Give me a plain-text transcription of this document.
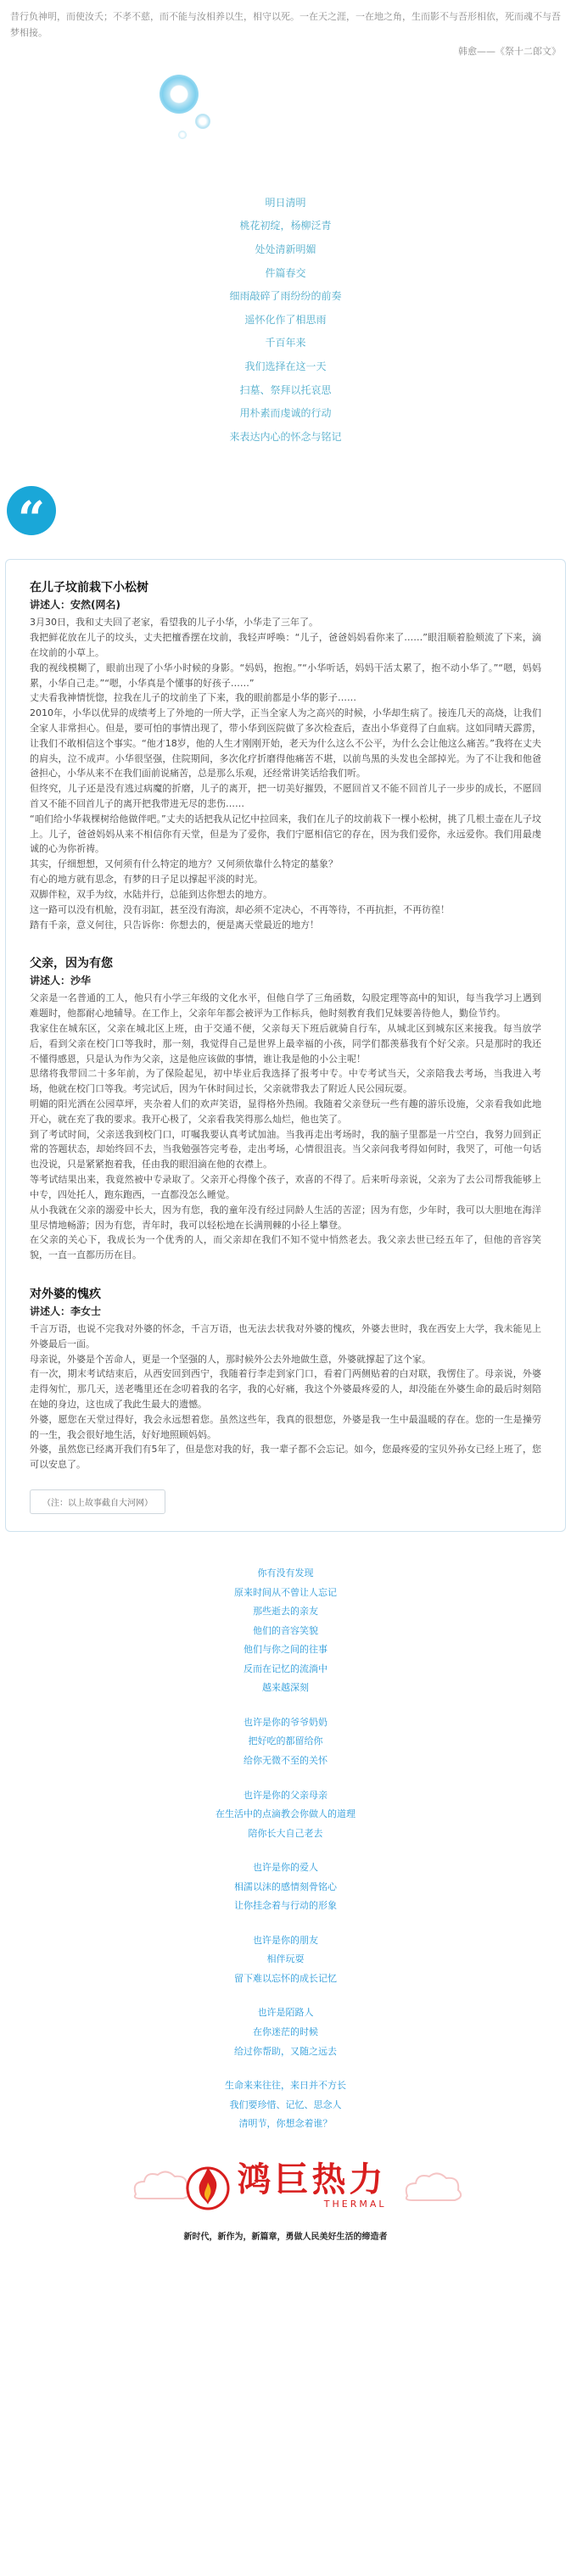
昔行负神明，而使汝夭；不孝不慈，而不能与汝相养以生，相守以死。一在天之涯，一在地之角，生而影不与吾形相依，死而魂不与吾梦相接。
韩愈——《祭十二郎文》
明日清明
桃花初绽，杨柳泛青
处处清新明媚
件篇春交
细雨敲碎了雨纷纷的前奏
遥怀化作了相思雨
千百年来
我们选择在这一天
扫墓、祭拜以托哀思
用朴素而虔诚的行动
来表达内心的怀念与铭记
“
在儿子坟前栽下小松树
讲述人：安然(网名)

3月30日，我和丈夫回了老家，看望我的儿子小华，小华走了三年了。

我把鲜花放在儿子的坟头，丈夫把檀香摆在坟前，我轻声呼唤：“儿子，爸爸妈妈看你来了……”眼泪顺着脸颊流了下来，滴在坟前的小草上。

我的视线模糊了，眼前出现了小华小时候的身影。“妈妈，抱抱。”“小华听话，妈妈干活太累了，抱不动小华了。”“嗯，妈妈累，小华自己走。”“嗯，小华真是个懂事的好孩子……”

丈夫看我神情恍惚，拉我在儿子的坟前坐了下来，我的眼前都是小华的影子……

2010年，小华以优异的成绩考上了外地的一所大学，正当全家人为之高兴的时候，小华却生病了。接连几天的高烧，让我们全家人非常担心。但是，要可怕的事情出现了，带小华到医院做了多次检查后，查出小华竟得了白血病。这如同晴天霹雳，让我们不敢相信这个事实。“他才18岁，他的人生才刚刚开始，老天为什么这么不公平，为什么会让他这么痛苦。”我将在丈夫的肩头，泣不成声。小华很坚强，住院期间，多次化疗折磨得他痛苦不堪，以前鸟黑的头发也全部掉光。为了不让我和他爸爸担心，小华从来不在我们面前说痛苦，总是那么乐观，还经常讲笑话给我们听。

但终究，儿子还是没有逃过病魔的折磨，儿子的离开，把一切美好摧毁，不愿回首又不能不回首儿子一步步的成长，不愿回首又不能不回首儿子的离开把我带进无尽的悲伤……

“咱们给小华栽棵树给他做伴吧。”丈夫的话把我从记忆中拉回来，我们在儿子的坟前栽下一棵小松树，挑了几根土壶在儿子坟上。儿子，爸爸妈妈从来不相信你有天堂，但是为了爱你，我们宁愿相信它的存在，因为我们爱你，永远爱你。我们用最虔诚的心为你祈祷。

其实，仔细想想，又何须有什么特定的地方？又何须依靠什么特定的墓象？

有心的地方就有思念，有梦的日子足以撑起平淡的时光。

双脚伴粒，双手为纹，水陆并行，总能到达你想去的地方。

这一路可以没有机舱，没有羽缸，甚至没有海滨，却必须不定决心，不再等待，不再抗拒，不再彷徨！

踏有千亲，意义何往，只告诉你：你想去的，便是离天堂最近的地方！

父亲，因为有您
讲述人：沙华

父亲是一名普通的工人，他只有小学三年级的文化水平，但他自学了三角函数，勾股定理等高中的知识，每当我学习上遇到难题时，他都耐心地辅导。在工作上，父亲年年都会被评为工作标兵，他时刻教育我们兄妹要善待他人，勤俭节约。

我家住在城东区，父亲在城北区上班，由于交通不便，父亲每天下班后就骑自行车，从城北区到城东区来接我。每当放学后，看到父亲在校门口等我时，那一刻，我觉得自己是世界上最幸福的小孩，同学们都羡慕我有个好父亲。只是那时的我还不懂得感恩，只是认为作为父亲，这是他应该做的事情，谁让我是他的小公主呢！

思绪将我带回二十多年前，为了保险起见，初中毕业后我选择了报考中专。中专考试当天，父亲陪我去考场，当我进入考场，他就在校门口等我。考完试后，因为午休时间过长，父亲就带我去了附近人民公园玩耍。

明媚的阳光洒在公园草坪，夹杂着人们的欢声笑语，显得格外热闹。我随着父亲登玩一些有趣的游乐设施，父亲看我如此地开心，就在充了我的要求。我开心极了，父亲看我笑得那么灿烂，他也笑了。

到了考试时间，父亲送我到校门口，叮嘱我要认真考试加油。当我再走出考场时，我的脑子里都是一片空白，我努力回到正常的答题状态，却始终回不去，当我勉强答完考卷，走出考场，心情很沮丧。当父亲问我考得如何时，我哭了，可他一句话也没说，只是紧紧抱着我，任由我的眼泪滴在他的衣襟上。

等考试结果出来，我竟然被中专录取了。父亲开心得像个孩子，欢喜的不得了。后来听母亲说，父亲为了去公司帮我能够上中专，四处托人，跑东跑西，一直都没怎么睡觉。

从小我就在父亲的溺爱中长大，因为有您，我的童年没有经过同龄人生活的苦涩；因为有您，少年时，我可以大胆地在海洋里尽情地畅游；因为有您，青年时，我可以轻松地在长满荆棘的小径上攀登。

在父亲的关心下，我成长为一个优秀的人，而父亲却在我们不知不觉中悄然老去。我父亲去世已经五年了，但他的音容笑貌，一直一直都历历在目。

对外婆的愧疚
讲述人：李女士

千言万语，也说不完我对外婆的怀念，千言万语，也无法去状我对外婆的愧疚，外婆去世时，我在西安上大学，我未能见上外婆最后一面。

母亲说，外婆是个苦命人，更是一个坚强的人，那时候外公去外地做生意，外婆就撑起了这个家。

有一次，期末考试结束后，从西安回到西宁，我随着行李走到家门口，看着门两侧贴着的白对联，我愣住了。母亲说，外婆走得匆忙，那几天，送老嘴里还在念叨着我的名字，我的心好痛，我这个外婆最疼爱的人，却没能在外婆生命的最后时刻陪在她的身边，这也成了我此生最大的遗憾。

外婆，愿您在天堂过得好，我会永远想着您。虽然这些年，我真的很想您，外婆是我一生中最温暖的存在。您的一生是操劳的一生，我会很好地生活，好好地照顾妈妈。

外婆，虽然您已经离开我们有5年了，但是您对我的好，我一辈子都不会忘记。如今，您最疼爱的宝贝外孙女已经上班了，您可以安息了。

（注：以上故事截自大河网）
你有没有发现
原来时间从不曾让人忘记
那些逝去的亲友
他们的音容笑貌
他们与你之间的往事
反而在记忆的流淌中
越来越深刻
也许是你的爷爷奶奶
把好吃的都留给你
给你无微不至的关怀
也许是你的父亲母亲
在生活中的点滴教会你做人的道理
陪你长大自己老去
也许是你的爱人
相濡以沫的感情刻骨铭心
让你挂念着与行动的形象
也许是你的朋友
相伴玩耍
留下难以忘怀的成长记忆
也许是陌路人
在你迷茫的时候
给过你帮助，又随之远去
生命来来往往，来日并不方长
我们要珍惜、记忆、思念人
清明节，你想念着谁？
鸿巨热力
THERMAL
新时代，新作为，新篇章，勇做人民美好生活的缔造者
